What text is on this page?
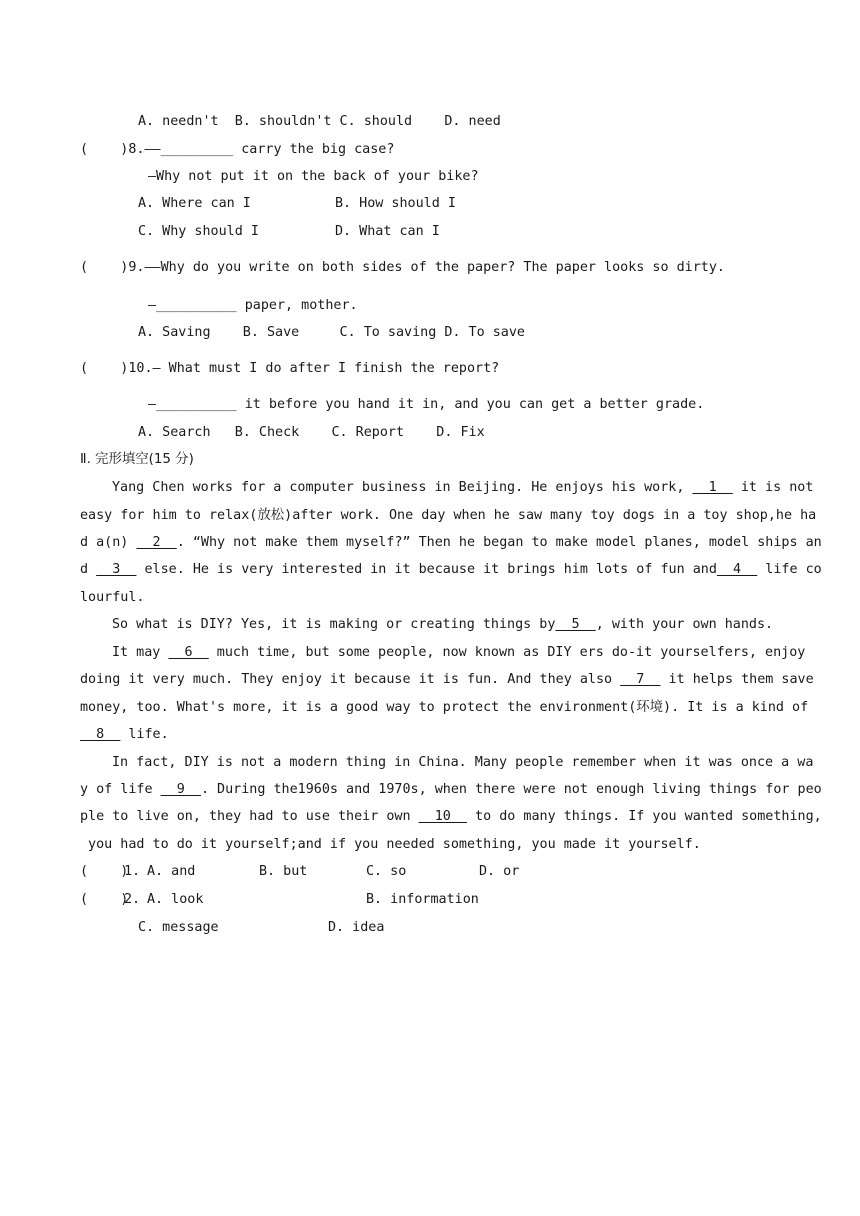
A. needn't  B. shouldn't C. should    D. need
(    )8.——_________ carry the big case?
—Why not put it on the back of your bike?
A. Where can I	B. How should I
C. Why should I	D. What can I
(    )9.——Why do you write on both sides of the paper? The paper looks so dirty.
—__________ paper, mother.
A. Saving    B. Save     C. To saving D. To save
(    )10.— What must I do after I finish the report?
—__________ it before you hand it in, and you can get a better grade.
A. Search   B. Check    C. Report    D. Fix
Ⅱ. 完形填空(15 分)
Yang Chen works for a computer business in Beijing. He enjoys his work,   1   it is not
easy for him to relax(放松)after work. One day when he saw many toy dogs in a toy shop,he ha
d a(n)   2  . “Why not make them myself?” Then he began to make model planes, model ships an
d   3   else. He is very interested in it because it brings him lots of fun and  4   life co
lourful.
So what is DIY? Yes, it is making or creating things by  5  , with your own hands.
It may   6   much time, but some people, now known as DIY ers do-it yourselfers, enjoy
doing it very much. They enjoy it because it is fun. And they also   7   it helps them save
money, too. What's more, it is a good way to protect the environment(环境). It is a kind of
8   life.
In fact, DIY is not a modern thing in China. Many people remember when it was once a wa
y of life   9  . During the1960s and 1970s, when there were not enough living things for peo
ple to live on, they had to use their own   10   to do many things. If you wanted something,
you had to do it yourself;and if you needed something, you made it yourself.
(    )
1. A. and	B. but	C. so	D. or
(    )
2. A. look	B. information
C. message	D. idea
